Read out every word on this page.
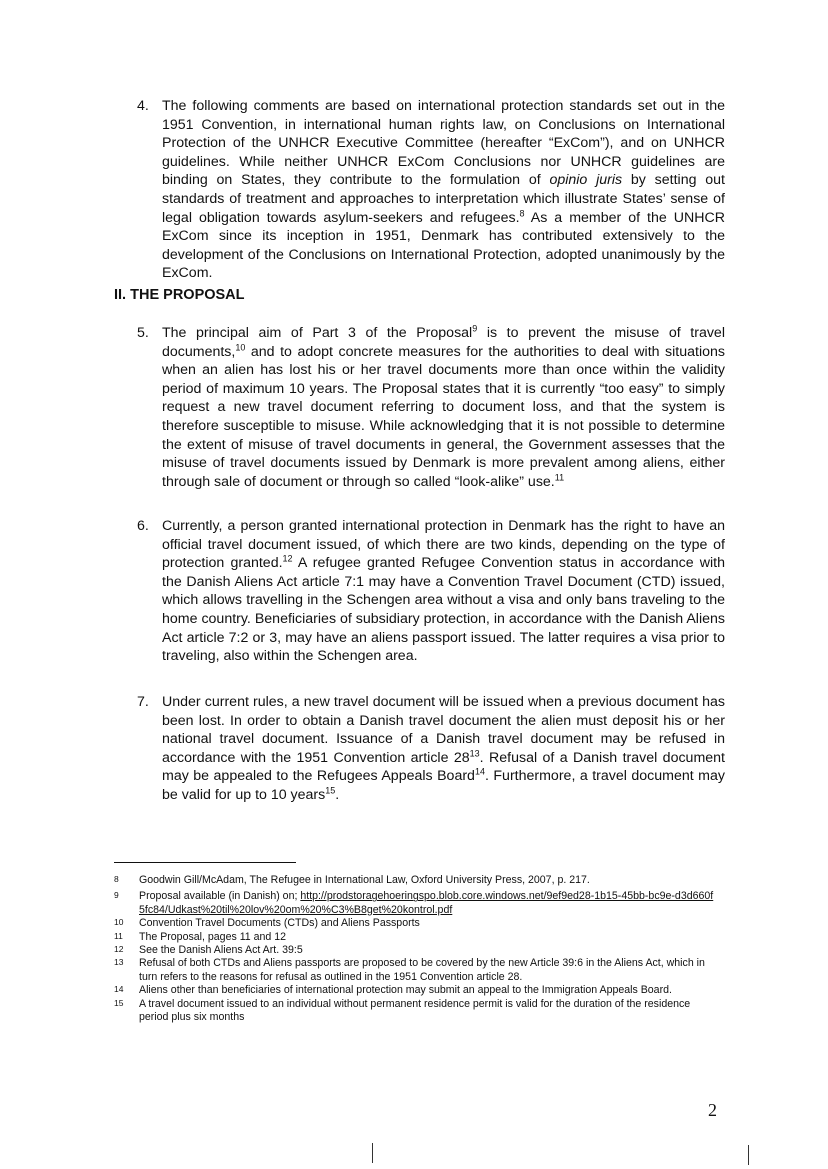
4. The following comments are based on international protection standards set out in the 1951 Convention, in international human rights law, on Conclusions on International Protection of the UNHCR Executive Committee (hereafter “ExCom”), and on UNHCR guidelines. While neither UNHCR ExCom Conclusions nor UNHCR guidelines are binding on States, they contribute to the formulation of opinio juris by setting out standards of treatment and approaches to interpretation which illustrate States’ sense of legal obligation towards asylum-seekers and refugees.$^8$ As a member of the UNHCR ExCom since its inception in 1951, Denmark has contributed extensively to the development of the Conclusions on International Protection, adopted unanimously by the ExCom.
II. THE PROPOSAL
5. The principal aim of Part 3 of the Proposal$^9$ is to prevent the misuse of travel documents,$^{10}$ and to adopt concrete measures for the authorities to deal with situations when an alien has lost his or her travel documents more than once within the validity period of maximum 10 years. The Proposal states that it is currently “too easy” to simply request a new travel document referring to document loss, and that the system is therefore susceptible to misuse. While acknowledging that it is not possible to determine the extent of misuse of travel documents in general, the Government assesses that the misuse of travel documents issued by Denmark is more prevalent among aliens, either through sale of document or through so called “look-alike” use.$^{11}$
6. Currently, a person granted international protection in Denmark has the right to have an official travel document issued, of which there are two kinds, depending on the type of protection granted.$^{12}$ A refugee granted Refugee Convention status in accordance with the Danish Aliens Act article 7:1 may have a Convention Travel Document (CTD) issued, which allows travelling in the Schengen area without a visa and only bans traveling to the home country. Beneficiaries of subsidiary protection, in accordance with the Danish Aliens Act article 7:2 or 3, may have an aliens passport issued. The latter requires a visa prior to traveling, also within the Schengen area.
7. Under current rules, a new travel document will be issued when a previous document has been lost. In order to obtain a Danish travel document the alien must deposit his or her national travel document. Issuance of a Danish travel document may be refused in accordance with the 1951 Convention article $28^{13}$. Refusal of a Danish travel document may be appealed to the Refugees Appeals Board$^{14}$. Furthermore, a travel document may be valid for up to 10 years$^{15}$.

8 Goodwin Gill/McAdam, The Refugee in International Law, Oxford University Press, 2007, p. 217.

9 Proposal available (in Danish) on; http://prodstoragehoeringspo.blob.core.windows.net/9ef9ed28-1b15-45bb-bc9e-d3d660f5fc84/Udkast%20til%20lov%20om%20%C3%B8get%20kontrol.pdf

10 Convention Travel Documents (CTDs) and Aliens Passports

11 The Proposal, pages 11 and 12

12 See the Danish Aliens Act Art. 39:5

13 Refusal of both CTDs and Aliens passports are proposed to be covered by the new Article 39:6 in the Aliens Act, which in turn refers to the reasons for refusal as outlined in the 1951 Convention article 28.

14 Aliens other than beneficiaries of international protection may submit an appeal to the Immigration Appeals Board.

15 A travel document issued to an individual without permanent residence permit is valid for the duration of the residence period plus six months

2
